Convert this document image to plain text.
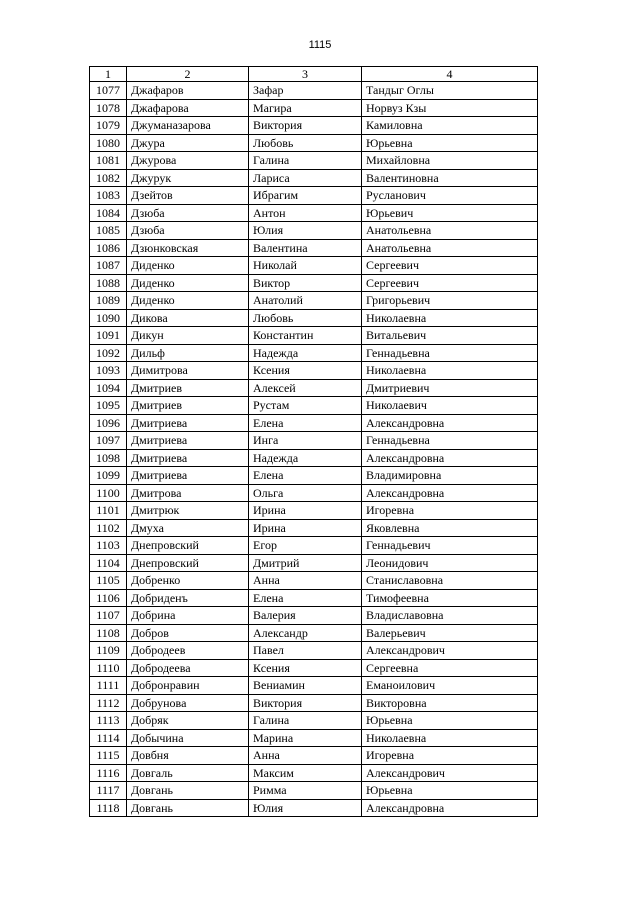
1115
1	2	3	4
1077	Джафаров	Зафар	Тандыг Оглы
1078	Джафарова	Магира	Норвуз Кзы
1079	Джуманазарова	Виктория	Камиловна
1080	Джура	Любовь	Юрьевна
1081	Джурова	Галина	Михайловна
1082	Джурук	Лариса	Валентиновна
1083	Дзейтов	Ибрагим	Русланович
1084	Дзюба	Антон	Юрьевич
1085	Дзюба	Юлия	Анатольевна
1086	Дзюнковская	Валентина	Анатольевна
1087	Диденко	Николай	Сергеевич
1088	Диденко	Виктор	Сергеевич
1089	Диденко	Анатолий	Григорьевич
1090	Дикова	Любовь	Николаевна
1091	Дикун	Константин	Витальевич
1092	Дильф	Надежда	Геннадьевна
1093	Димитрова	Ксения	Николаевна
1094	Дмитриев	Алексей	Дмитриевич
1095	Дмитриев	Рустам	Николаевич
1096	Дмитриева	Елена	Александровна
1097	Дмитриева	Инга	Геннадьевна
1098	Дмитриева	Надежда	Александровна
1099	Дмитриева	Елена	Владимировна
1100	Дмитрова	Ольга	Александровна
1101	Дмитрюк	Ирина	Игоревна
1102	Дмуха	Ирина	Яковлевна
1103	Днепровский	Егор	Геннадьевич
1104	Днепровский	Дмитрий	Леонидович
1105	Добренко	Анна	Станиславовна
1106	Добриденъ	Елена	Тимофеевна
1107	Добрина	Валерия	Владиславовна
1108	Добров	Александр	Валерьевич
1109	Добродеев	Павел	Александрович
1110	Добродеева	Ксения	Сергеевна
1111	Добронравин	Вениамин	Еманоилович
1112	Добрунова	Виктория	Викторовна
1113	Добряк	Галина	Юрьевна
1114	Добычина	Марина	Николаевна
1115	Довбня	Анна	Игоревна
1116	Довгаль	Максим	Александрович
1117	Довгань	Римма	Юрьевна
1118	Довгань	Юлия	Александровна
